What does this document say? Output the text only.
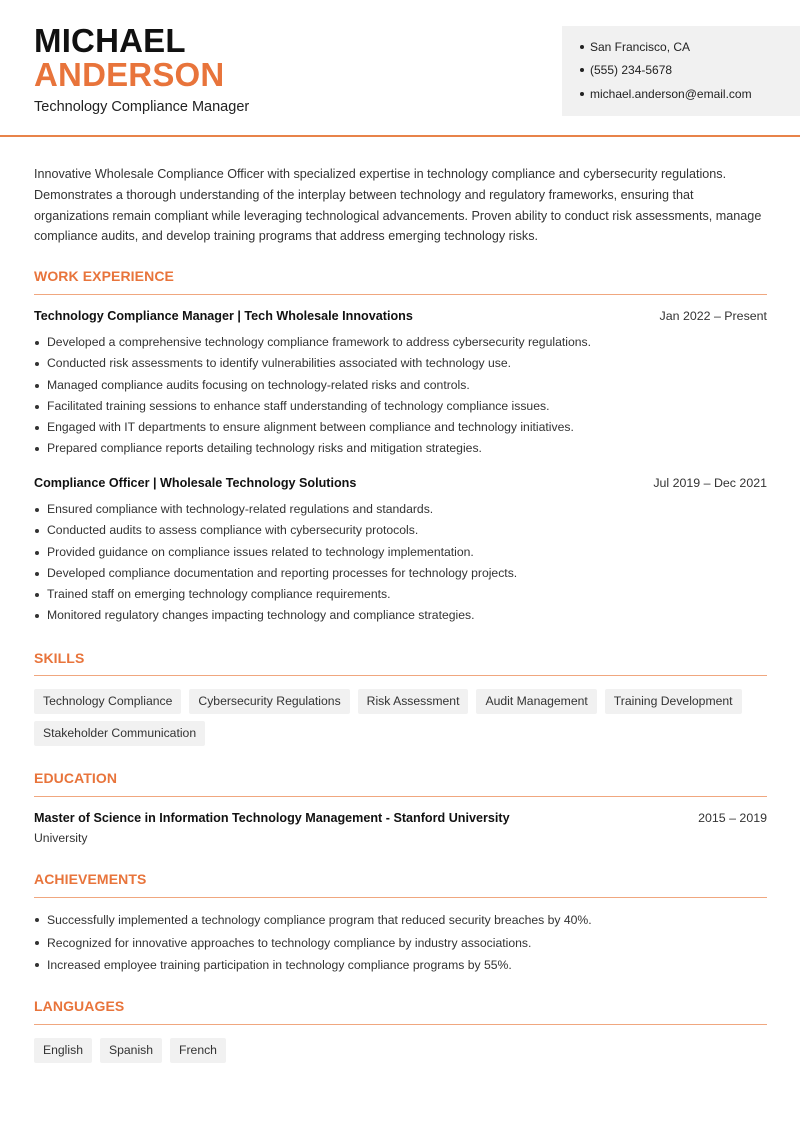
MICHAEL
ANDERSON
Technology Compliance Manager
San Francisco, CA
(555) 234-5678
michael.anderson@email.com
Innovative Wholesale Compliance Officer with specialized expertise in technology compliance and cybersecurity regulations. Demonstrates a thorough understanding of the interplay between technology and regulatory frameworks, ensuring that organizations remain compliant while leveraging technological advancements. Proven ability to conduct risk assessments, manage compliance audits, and develop training programs that address emerging technology risks.
WORK EXPERIENCE
Technology Compliance Manager | Tech Wholesale Innovations	Jan 2022 – Present
Developed a comprehensive technology compliance framework to address cybersecurity regulations.
Conducted risk assessments to identify vulnerabilities associated with technology use.
Managed compliance audits focusing on technology-related risks and controls.
Facilitated training sessions to enhance staff understanding of technology compliance issues.
Engaged with IT departments to ensure alignment between compliance and technology initiatives.
Prepared compliance reports detailing technology risks and mitigation strategies.
Compliance Officer | Wholesale Technology Solutions	Jul 2019 – Dec 2021
Ensured compliance with technology-related regulations and standards.
Conducted audits to assess compliance with cybersecurity protocols.
Provided guidance on compliance issues related to technology implementation.
Developed compliance documentation and reporting processes for technology projects.
Trained staff on emerging technology compliance requirements.
Monitored regulatory changes impacting technology and compliance strategies.
SKILLS
Technology Compliance Cybersecurity Regulations Risk Assessment Audit Management Training DevelopmentStakeholder Communication
EDUCATION
Master of Science in Information Technology Management - Stanford University	2015 – 2019
University
ACHIEVEMENTS
Successfully implemented a technology compliance program that reduced security breaches by 40%.
Recognized for innovative approaches to technology compliance by industry associations.
Increased employee training participation in technology compliance programs by 55%.
LANGUAGES
English Spanish French
